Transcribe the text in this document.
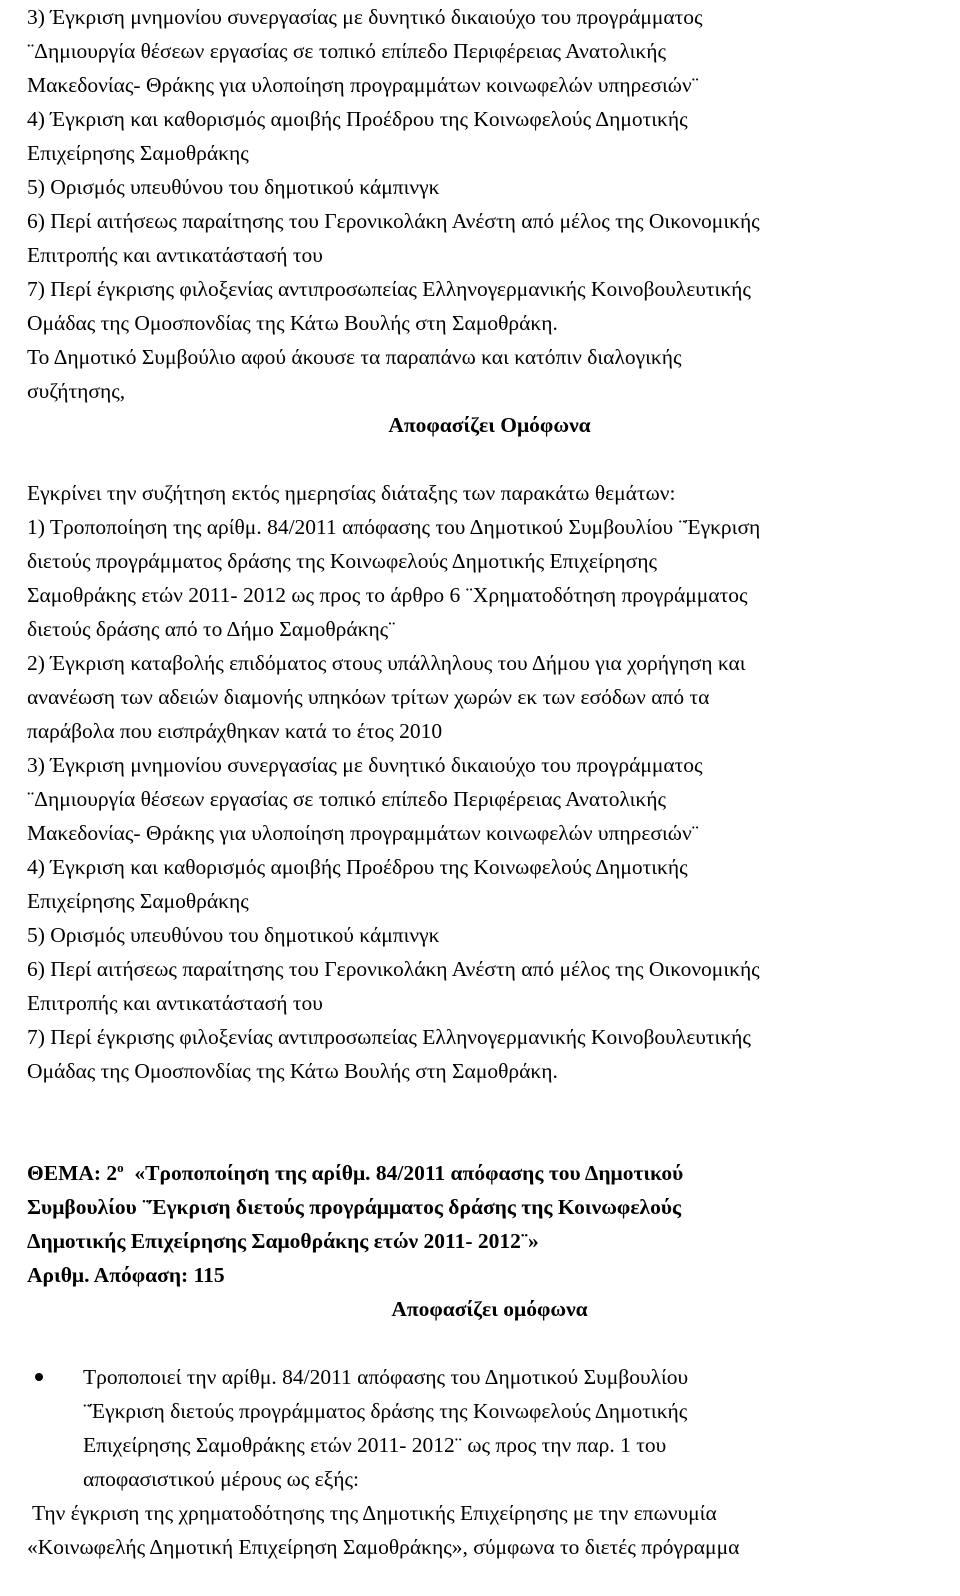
3) Έγκριση μνημονίου συνεργασίας με δυνητικό δικαιούχο του προγράμματος
¨Δημιουργία θέσεων εργασίας σε τοπικό επίπεδο Περιφέρειας Ανατολικής
Μακεδονίας- Θράκης για υλοποίηση προγραμμάτων κοινωφελών υπηρεσιών¨
4) Έγκριση και καθορισμός αμοιβής Προέδρου της Κοινωφελούς Δημοτικής
Επιχείρησης Σαμοθράκης
5) Ορισμός υπευθύνου του δημοτικού κάμπινγκ
6) Περί αιτήσεως παραίτησης του Γερονικολάκη Ανέστη από μέλος της Οικονομικής
Επιτροπής και αντικατάστασή του
7) Περί έγκρισης φιλοξενίας αντιπροσωπείας Ελληνογερμανικής Κοινοβουλευτικής
Ομάδας της Ομοσπονδίας της Κάτω Βουλής στη Σαμοθράκη.
Το Δημοτικό Συμβούλιο αφού άκουσε τα παραπάνω και κατόπιν διαλογικής
συζήτησης,
Αποφασίζει Ομόφωνα
Εγκρίνει την συζήτηση εκτός ημερησίας διάταξης των παρακάτω θεμάτων:
1) Τροποποίηση της αρίθμ. 84/2011 απόφασης του Δημοτικού Συμβουλίου ¨Έγκριση
διετούς προγράμματος δράσης της Κοινωφελούς Δημοτικής Επιχείρησης
Σαμοθράκης ετών 2011- 2012 ως προς το άρθρο 6 ¨Χρηματοδότηση προγράμματος
διετούς δράσης από το Δήμο Σαμοθράκης¨
2) Έγκριση καταβολής επιδόματος στους υπάλληλους του Δήμου για χορήγηση και
ανανέωση των αδειών διαμονής υπηκόων τρίτων χωρών εκ των εσόδων από τα
παράβολα που εισπράχθηκαν κατά το έτος 2010
3) Έγκριση μνημονίου συνεργασίας με δυνητικό δικαιούχο του προγράμματος
¨Δημιουργία θέσεων εργασίας σε τοπικό επίπεδο Περιφέρειας Ανατολικής
Μακεδονίας- Θράκης για υλοποίηση προγραμμάτων κοινωφελών υπηρεσιών¨
4) Έγκριση και καθορισμός αμοιβής Προέδρου της Κοινωφελούς Δημοτικής
Επιχείρησης Σαμοθράκης
5) Ορισμός υπευθύνου του δημοτικού κάμπινγκ
6) Περί αιτήσεως παραίτησης του Γερονικολάκη Ανέστη από μέλος της Οικονομικής
Επιτροπής και αντικατάστασή του
7) Περί έγκρισης φιλοξενίας αντιπροσωπείας Ελληνογερμανικής Κοινοβουλευτικής
Ομάδας της Ομοσπονδίας της Κάτω Βουλής στη Σαμοθράκη.
ΘΕΜΑ: $2^o$  «Τροποποίηση της αρίθμ. 84/2011 απόφασης του Δημοτικού
Συμβουλίου ¨Έγκριση διετούς προγράμματος δράσης της Κοινωφελούς
Δημοτικής Επιχείρησης Σαμοθράκης ετών 2011- 2012¨»
Αριθμ. Απόφαση: 115
Αποφασίζει ομόφωνα
Τροποποιεί την αρίθμ. 84/2011 απόφασης του Δημοτικού Συμβουλίου
¨Έγκριση διετούς προγράμματος δράσης της Κοινωφελούς Δημοτικής
Επιχείρησης Σαμοθράκης ετών 2011- 2012¨ ως προς την παρ. 1 του
αποφασιστικού μέρους ως εξής:
Την έγκριση της χρηματοδότησης της Δημοτικής Επιχείρησης με την επωνυμία
«Κοινωφελής Δημοτική Επιχείρηση Σαμοθράκης», σύμφωνα το διετές πρόγραμμα
